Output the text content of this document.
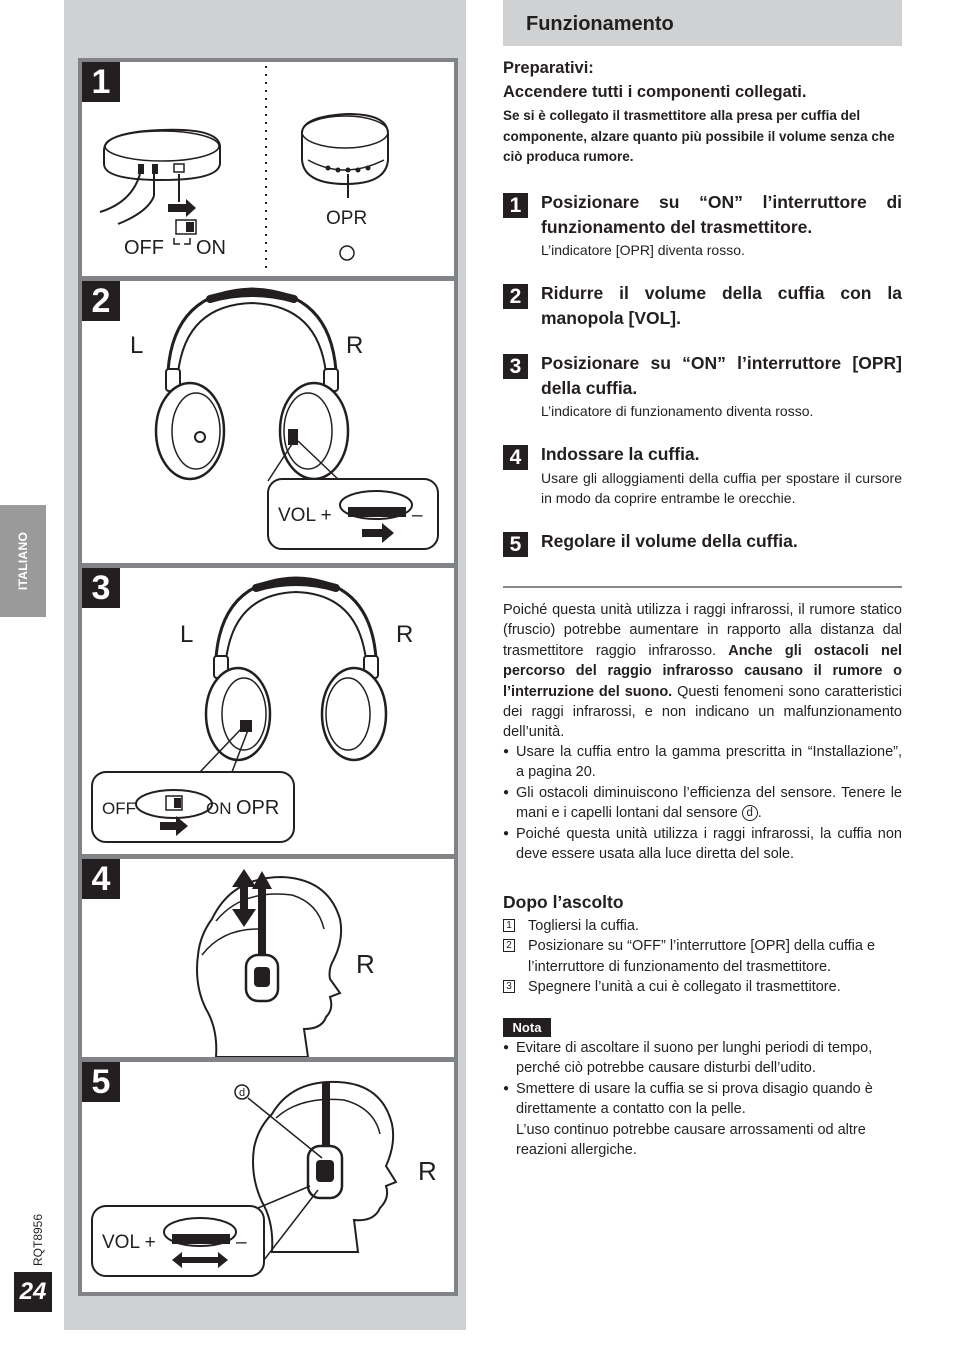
ITALIANO
RQT8956
24
OFF ON
OPR
1
L	R
VOL +	–
2
L	R
OFF	ON OPR
3
R
4
d
R
VOL +	–
5
Funzionamento
Preparativi:
Accendere tutti i componenti collegati.
Se si è collegato il trasmettitore alla presa per cuffia del componente, alzare quanto più possibile il volume senza che ciò produca rumore.
1	Posizionare su “ON” l’interruttore di funzionamento del trasmettitore.
L’indicatore [OPR] diventa rosso.
2	Ridurre il volume della cuffia con la manopola [VOL].
3	Posizionare su “ON” l’interruttore [OPR] della cuffia.
L’indicatore di funzionamento diventa rosso.
4	Indossare la cuffia.
Usare gli alloggiamenti della cuffia per spostare il cursore in modo da coprire entrambe le orecchie.
5	Regolare il volume della cuffia.
Poiché questa unità utilizza i raggi infrarossi, il rumore statico (fruscio) potrebbe aumentare in rapporto alla distanza dal trasmettitore raggio infrarosso. Anche gli ostacoli nel percorso del raggio infrarosso causano il rumore o l’interruzione del suono. Questi fenomeni sono caratteristici dei raggi infrarossi, e non indicano un malfunzionamento dell’unità.
● Usare la cuffia entro la gamma prescritta in “Installazione”, a pagina 20.
● Gli ostacoli diminuiscono l’efficienza del sensore. Tenere le mani e i capelli lontani dal sensore d .
● Poiché questa unità utilizza i raggi infrarossi, la cuffia non deve essere usata alla luce diretta del sole.
Dopo l’ascolto
1 Togliersi la cuffia.
2 Posizionare su “OFF” l’interruttore [OPR] della cuffia e l’interruttore di funzionamento del trasmettitore.
3 Spegnere l’unità a cui è collegato il trasmettitore.
Nota
● Evitare di ascoltare il suono per lunghi periodi di tempo, perché ciò potrebbe causare disturbi dell’udito.
● Smettere di usare la cuffia se si prova disagio quando è direttamente a contatto con la pelle.
L’uso continuo potrebbe causare arrossamenti od altre reazioni allergiche.
